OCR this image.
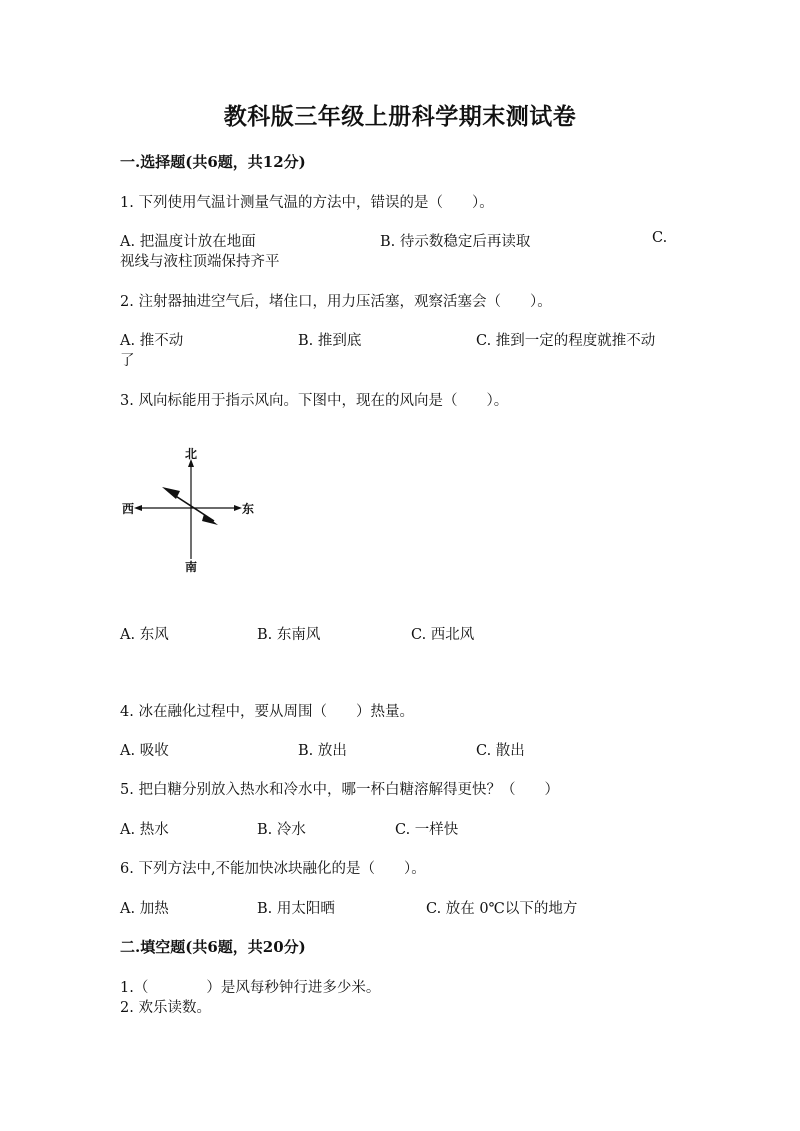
教科版三年级上册科学期末测试卷
一.选择题(共6题，共12分)
1. 下列使用气温计测量气温的方法中，错误的是（　　）。
A. 把温度计放在地面	B. 待示数稳定后再读取	C.
视线与液柱顶端保持齐平
2. 注射器抽进空气后，堵住口，用力压活塞，观察活塞会（　　）。
A. 推不动	B. 推到底	C. 推到一定的程度就推不动
了
3. 风向标能用于指示风向。下图中，现在的风向是（　　）。
北
西	东
南
A. 东风	B. 东南风	C. 西北风
4. 冰在融化过程中，要从周围（　　）热量。
A. 吸收	B. 放出	C. 散出
5. 把白糖分别放入热水和冷水中，哪一杯白糖溶解得更快？（　　）
A. 热水	B. 冷水	C. 一样快
6. 下列方法中,不能加快冰块融化的是（　　）。
A. 加热	B. 用太阳晒	C. 放在 0℃以下的地方
二.填空题(共6题，共20分)
1.（　　　　）是风每秒钟行进多少米。
2. 欢乐读数。
